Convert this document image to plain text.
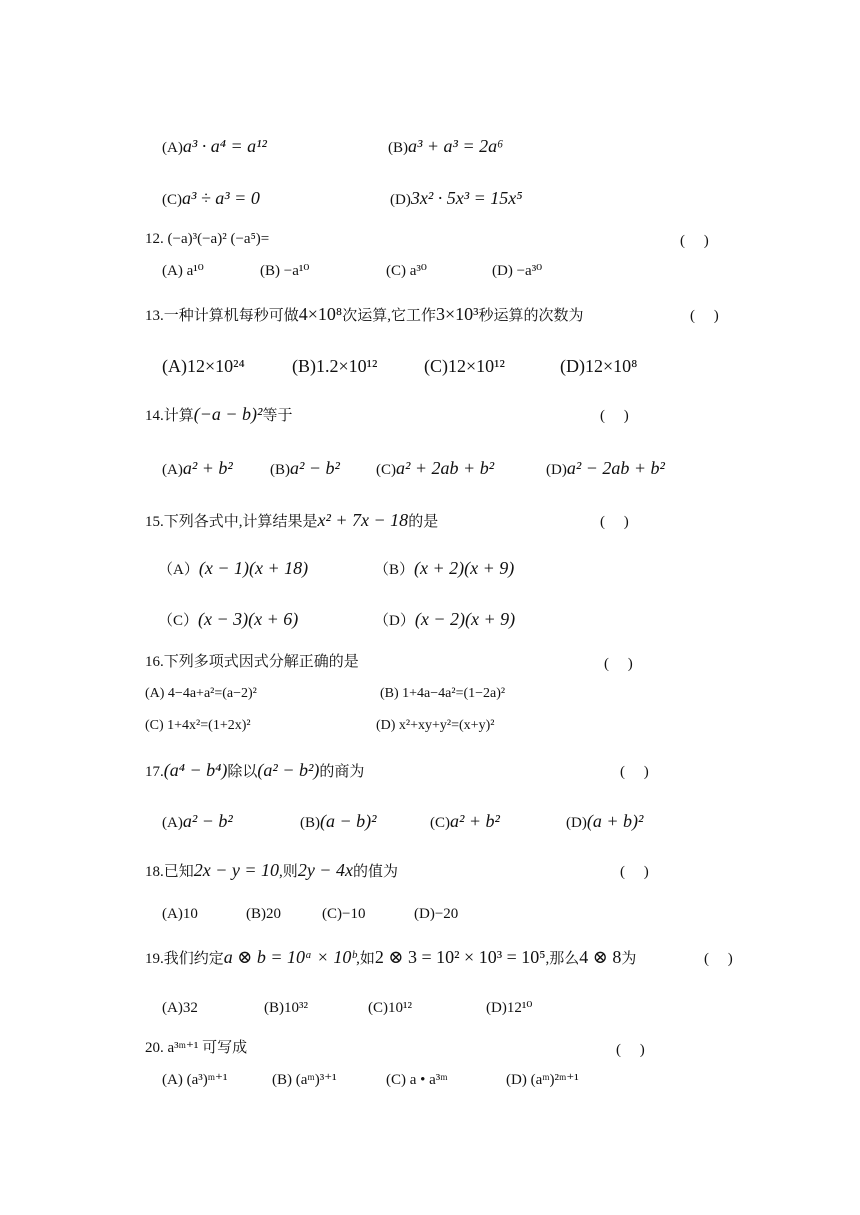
(A)a³ · a⁴ = a¹²	(B)a³ + a³ = 2a⁶
(C)a³ ÷ a³ = 0	(D)3x² · 5x³ = 15x⁵
12. (−a)³(−a)² (−a⁵)=	(　 )
(A) a¹⁰	(B) −a¹⁰	(C) a³⁰	(D) −a³⁰
13.一种计算机每秒可做4×10⁸次运算,它工作3×10³秒运算的次数为	(　 )
(A)12×10²⁴	(B)1.2×10¹²	(C)12×10¹²	(D)12×10⁸
14.计算(−a − b)²等于	(　 )
(A)a² + b² (B)a² − b² (C)a² + 2ab + b²	(D)a² − 2ab + b²
15.下列各式中,计算结果是x² + 7x − 18的是	(　 )
（A）(x − 1)(x + 18)	（B）(x + 2)(x + 9)
（C）(x − 3)(x + 6)	（D）(x − 2)(x + 9)
16.下列多项式因式分解正确的是	(　 )
(A) 4−4a+a²=(a−2)²	(B) 1+4a−4a²=(1−2a)²
(C) 1+4x²=(1+2x)²	(D) x²+xy+y²=(x+y)²
17.(a⁴ − b⁴)除以(a² − b²)的商为	(　 )
(A)a² − b²	(B)(a − b)²	(C)a² + b²	(D)(a + b)²
18.已知2x − y = 10,则2y − 4x的值为	(　 )
(A)10	(B)20	(C)−10	(D)−20
19.我们约定a ⊗ b = 10ᵃ × 10ᵇ,如2 ⊗ 3 = 10² × 10³ = 10⁵,那么4 ⊗ 8为	(　 )
(A)32	(B)10³²	(C)10¹²	(D)12¹⁰
20. a³ᵐ⁺¹ 可写成	(　 )
(A) (a³)ᵐ⁺¹	(B) (aᵐ)³⁺¹	(C) a • a³ᵐ	(D) (aᵐ)²ᵐ⁺¹
